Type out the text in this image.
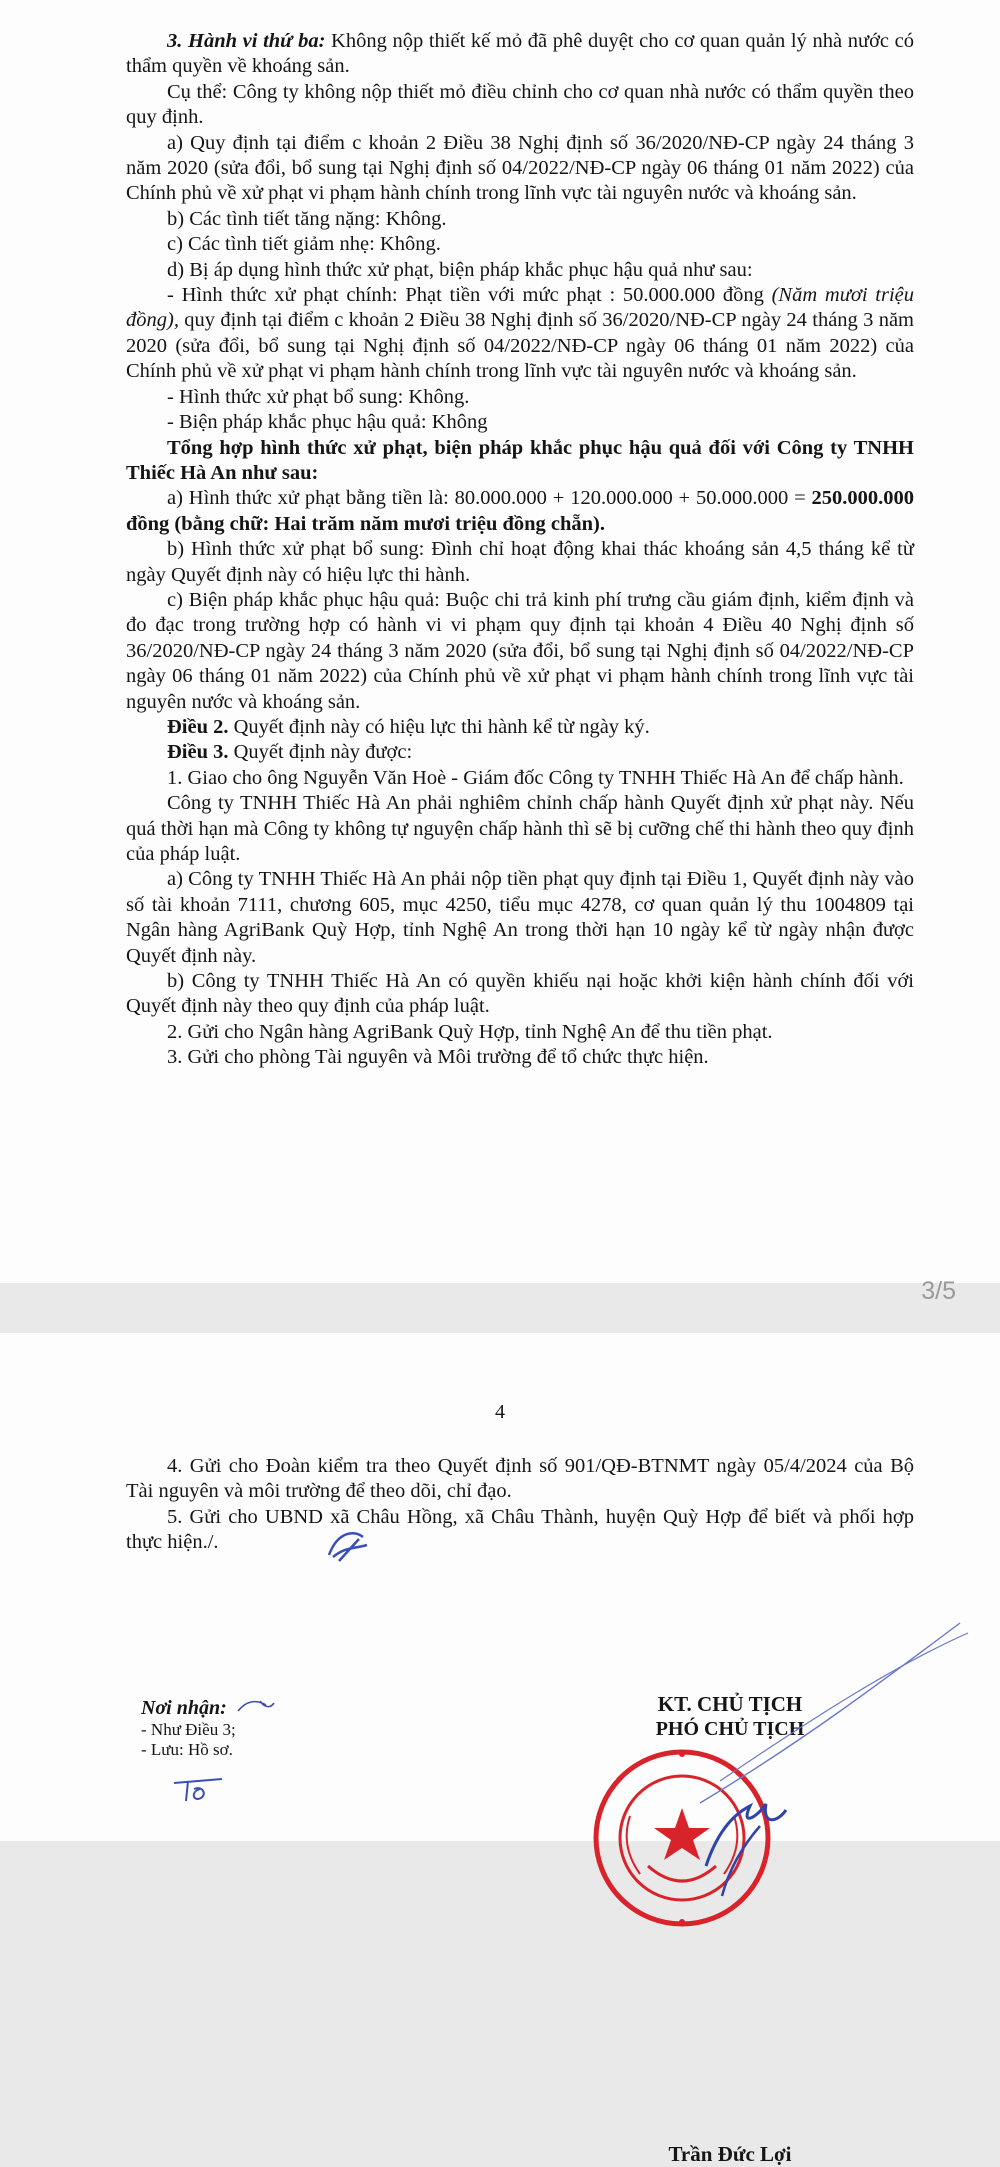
3. Hành vi thứ ba: Không nộp thiết kế mỏ đã phê duyệt cho cơ quan quản lý nhà nước có thẩm quyền về khoáng sản.

Cụ thể: Công ty không nộp thiết mỏ điều chỉnh cho cơ quan nhà nước có thẩm quyền theo quy định.

a) Quy định tại điểm c khoản 2 Điều 38 Nghị định số 36/2020/NĐ-CP ngày 24 tháng 3 năm 2020 (sửa đổi, bổ sung tại Nghị định số 04/2022/NĐ-CP ngày 06 tháng 01 năm 2022) của Chính phủ về xử phạt vi phạm hành chính trong lĩnh vực tài nguyên nước và khoáng sản.

b) Các tình tiết tăng nặng: Không.

c) Các tình tiết giảm nhẹ: Không.

d) Bị áp dụng hình thức xử phạt, biện pháp khắc phục hậu quả như sau:

- Hình thức xử phạt chính: Phạt tiền với mức phạt : 50.000.000 đồng (Năm mươi triệu đồng), quy định tại điểm c khoản 2 Điều 38 Nghị định số 36/2020/NĐ-CP ngày 24 tháng 3 năm 2020 (sửa đổi, bổ sung tại Nghị định số 04/2022/NĐ-CP ngày 06 tháng 01 năm 2022) của Chính phủ về xử phạt vi phạm hành chính trong lĩnh vực tài nguyên nước và khoáng sản.

- Hình thức xử phạt bổ sung: Không.

- Biện pháp khắc phục hậu quả: Không

Tổng hợp hình thức xử phạt, biện pháp khắc phục hậu quả đối với Công ty TNHH Thiếc Hà An như sau:

a) Hình thức xử phạt bằng tiền là: 80.000.000 + 120.000.000 + 50.000.000 = 250.000.000 đồng (bằng chữ: Hai trăm năm mươi triệu đồng chẵn).

b) Hình thức xử phạt bổ sung: Đình chỉ hoạt động khai thác khoáng sản 4,5 tháng kể từ ngày Quyết định này có hiệu lực thi hành.

c) Biện pháp khắc phục hậu quả: Buộc chi trả kinh phí trưng cầu giám định, kiểm định và đo đạc trong trường hợp có hành vi vi phạm quy định tại khoản 4 Điều 40 Nghị định số 36/2020/NĐ-CP ngày 24 tháng 3 năm 2020 (sửa đổi, bổ sung tại Nghị định số 04/2022/NĐ-CP ngày 06 tháng 01 năm 2022) của Chính phủ về xử phạt vi phạm hành chính trong lĩnh vực tài nguyên nước và khoáng sản.

Điều 2. Quyết định này có hiệu lực thi hành kể từ ngày ký.

Điều 3. Quyết định này được:

1. Giao cho ông Nguyễn Văn Hoè - Giám đốc Công ty TNHH Thiếc Hà An để chấp hành.

Công ty TNHH Thiếc Hà An phải nghiêm chỉnh chấp hành Quyết định xử phạt này. Nếu quá thời hạn mà Công ty không tự nguyện chấp hành thì sẽ bị cưỡng chế thi hành theo quy định của pháp luật.

a) Công ty TNHH Thiếc Hà An phải nộp tiền phạt quy định tại Điều 1, Quyết định này vào số tài khoản 7111, chương 605, mục 4250, tiểu mục 4278, cơ quan quản lý thu 1004809 tại Ngân hàng AgriBank Quỳ Hợp, tỉnh Nghệ An trong thời hạn 10 ngày kể từ ngày nhận được Quyết định này.

b) Công ty TNHH Thiếc Hà An có quyền khiếu nại hoặc khởi kiện hành chính đối với Quyết định này theo quy định của pháp luật.

2. Gửi cho Ngân hàng AgriBank Quỳ Hợp, tỉnh Nghệ An để thu tiền phạt.

3. Gửi cho phòng Tài nguyên và Môi trường để tổ chức thực hiện.

3/5
4

4. Gửi cho Đoàn kiểm tra theo Quyết định số 901/QĐ-BTNMT ngày 05/4/2024 của Bộ Tài nguyên và môi trường để theo dõi, chỉ đạo.

5. Gửi cho UBND xã Châu Hồng, xã Châu Thành, huyện Quỳ Hợp để biết và phối hợp thực hiện./.

Nơi nhận:
- Như Điều 3;
- Lưu: Hồ sơ.
KT. CHỦ TỊCH
PHÓ CHỦ TỊCH
Trần Đức Lợi
